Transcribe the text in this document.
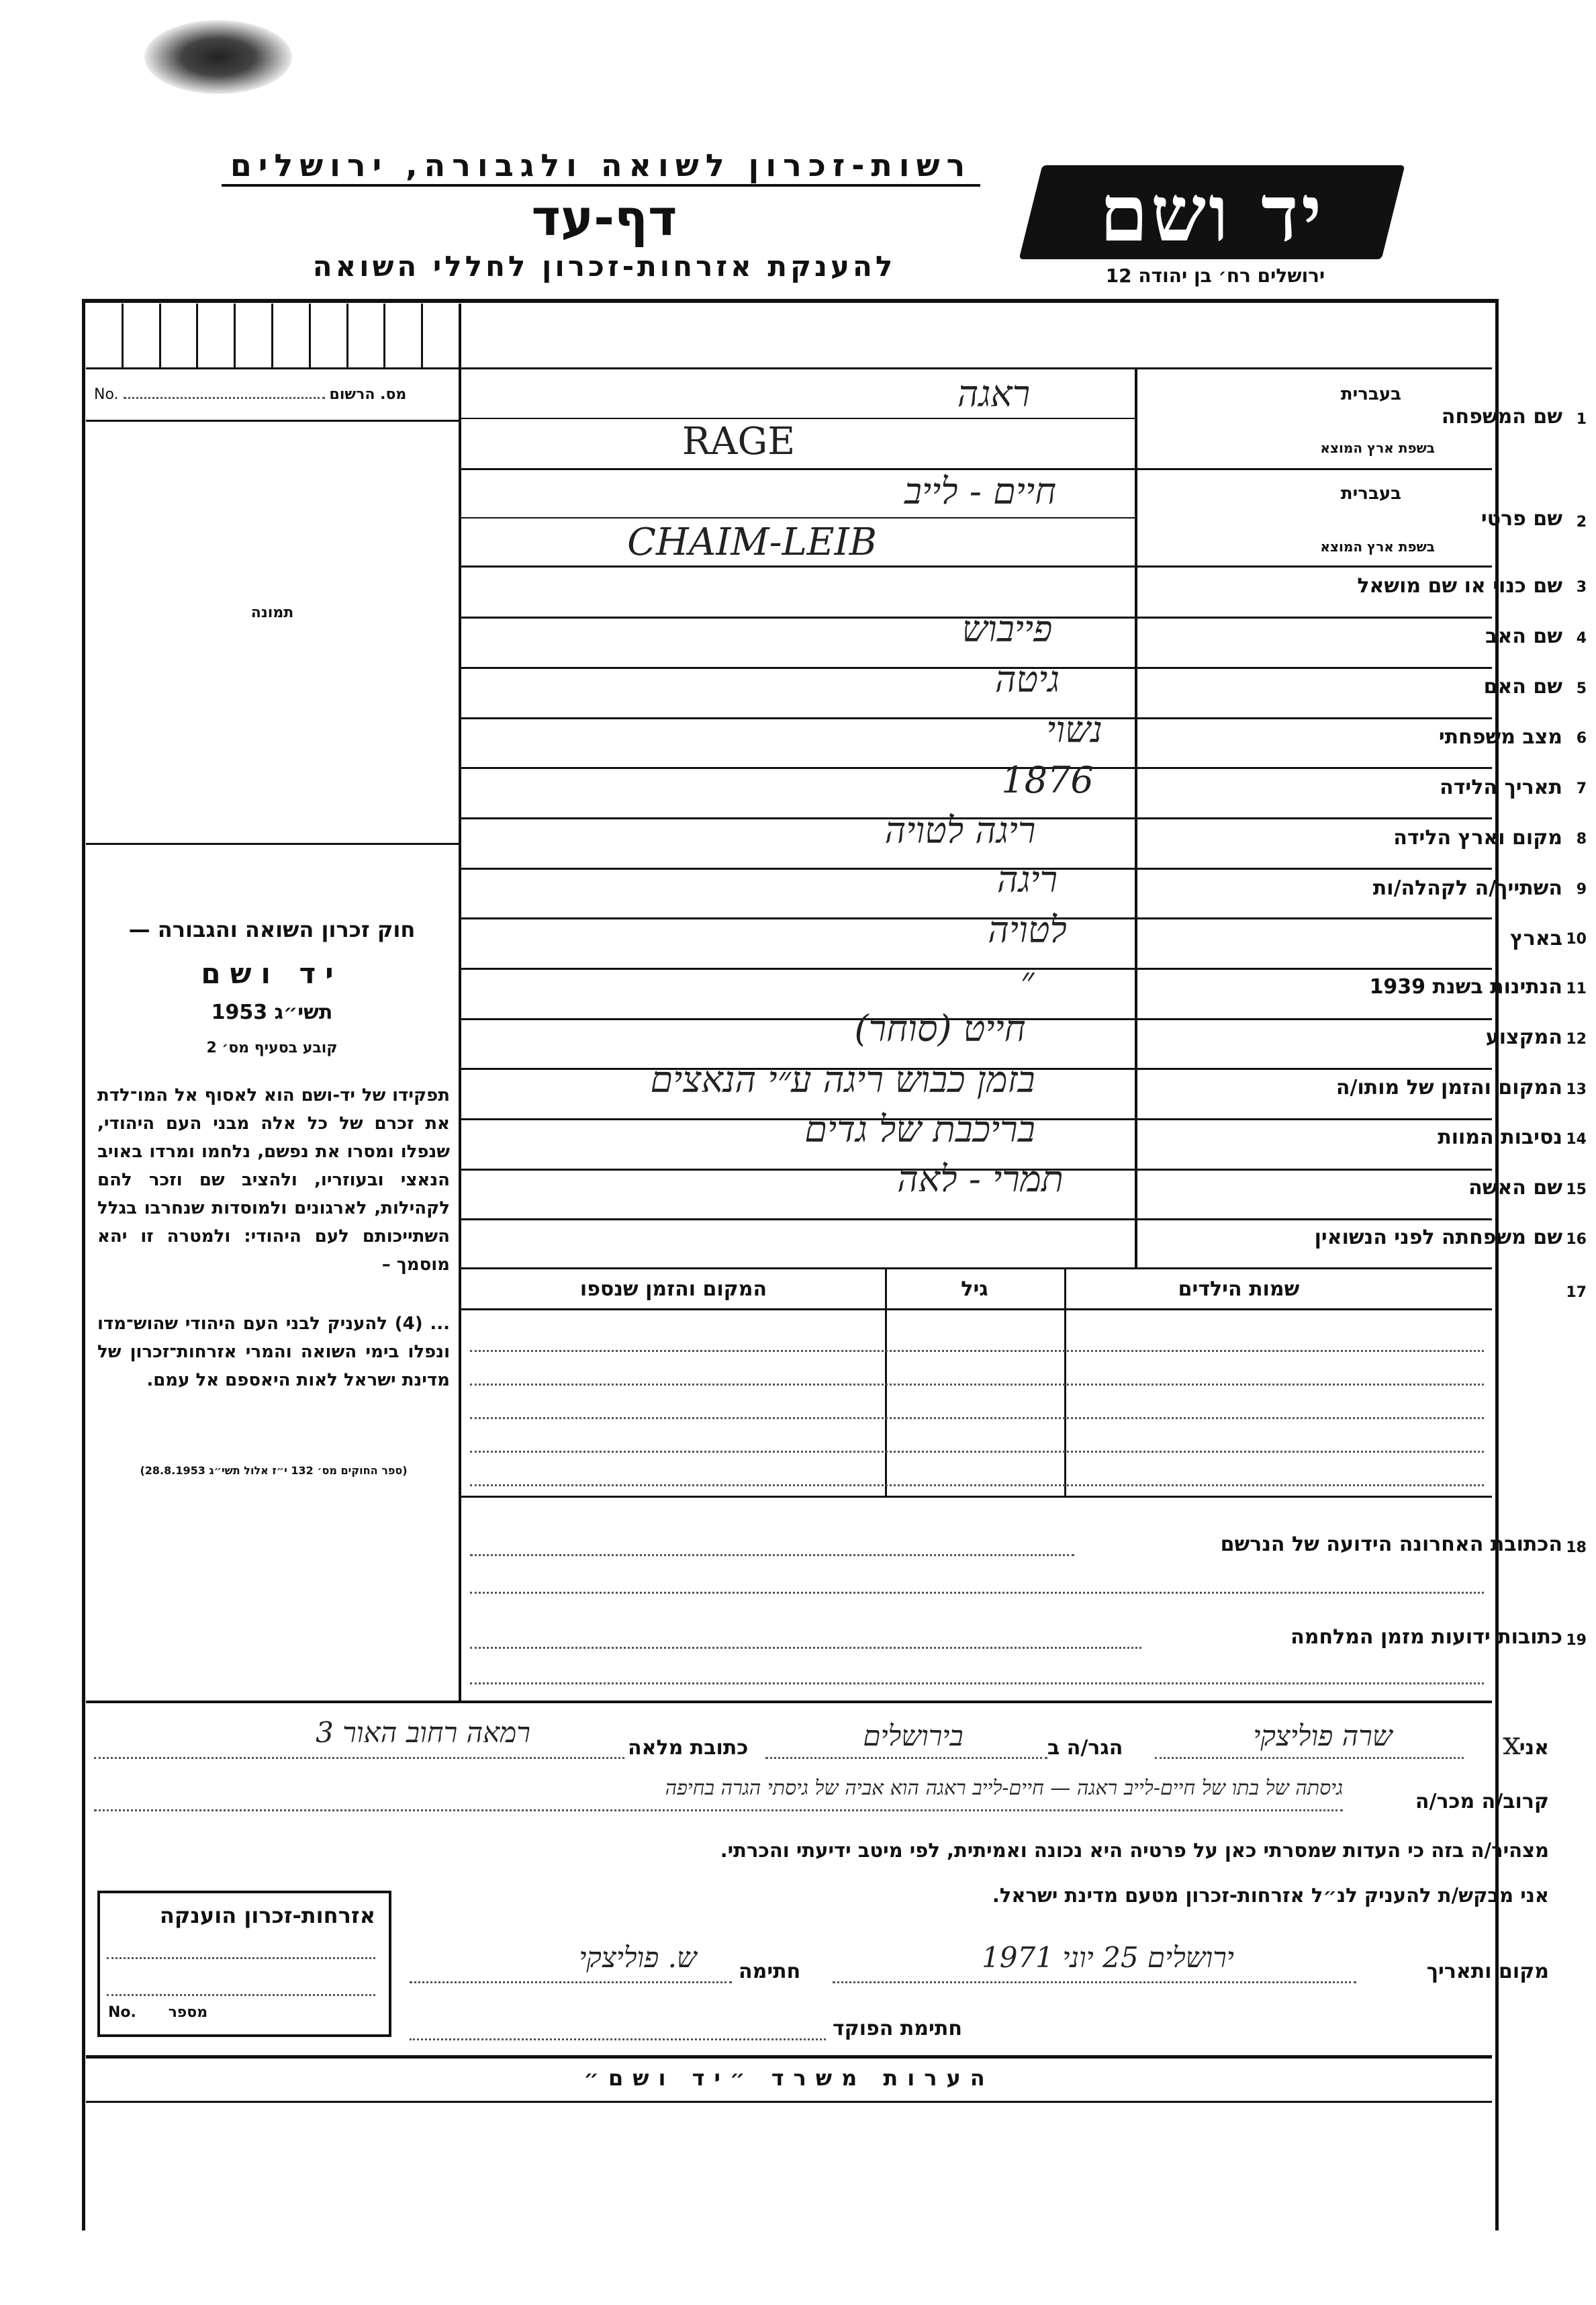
רשות-זכרון לשואה ולגבורה, ירושלים
דף-עד
להענקת אזרחות-זכרון לחללי השואה
יד ושם
ירושלים רח׳ בן יהודה 12
No.	מס. הרשום
תמונה
חוק זכרון השואה והגבורה —
יד ושם
תשי״ג 1953
קובע בסעיף מס׳ 2
תפקידו של יד-ושם הוא לאסוף אל המו־לדת את זכרם של כל אלה מבני העם היהודי, שנפלו ומסרו את נפשם, נלחמו ומרדו באויב הנאצי ובעוזריו, ולהציב שם וזכר להם לקהילות, לארגונים ולמוסדות שנחרבו בגלל השתייכותם לעם היהודי: ולמטרה זו יהא מוסמך –
... (4) להעניק לבני העם היהודי שהוש־מדו ונפלו בימי השואה והמרי אזרחות־זכרון של מדינת ישראל לאות היאספם אל עמם.
(ספר החוקים מס׳ 132 י״ז אלול תשי״ג 28.8.1953)
1
שם המשפחה
בעברית
בשפת ארץ המוצא
ראגה
RAGE
2
שם פרטי
בעברית
בשפת ארץ המוצא
חיים - לייב
CHAIM-LEIB
3
שם כנוי או שם מושאל
4
שם האב
פייבוש
5
שם האם
גיטה
6
מצב משפחתי
נשוי
7
תאריך הלידה
1876
8
מקום וארץ הלידה
ריגה לטויה
9
השתייך/ה לקהלה/ות
ריגה
10
בארץ
לטויה
11
הנתינות בשנת 1939
״
12
המקצוע
חייט (סוחר)
13
המקום והזמן של מותו/ה
בזמן כבוש ריגה ע״י הנאצים
14
נסיבות המוות
בריכבת של גדים
15
שם האשה
תמרי - לאה
16
שם משפחתה לפני הנשואין
17
שמות הילדים
גיל
המקום והזמן שנספו
18
הכתובת האחרונה הידועה של הנרשם
19
כתובות ידועות מזמן המלחמה
x
אני
שרה פוליצקי
הגר/ה ב
בירושלים
כתובת מלאה
רמאה רחוב האור 3
קרוב/ה מכר/ה
גיסתה של בתו של חיים-לייב ראגה — חיים-לייב ראגה הוא אביה של גיסתי הגרה בחיפה
מצהיר/ה בזה כי העדות שמסרתי כאן על פרטיה היא נכונה ואמיתית, לפי מיטב ידיעתי והכרתי.
אני מבקש/ת להעניק לנ״ל אזרחות-זכרון מטעם מדינת ישראל.
מקום ותאריך
ירושלים 25 יוני 1971
חתימה
ש. פוליצקי
חתימת הפוקד
אזרחות-זכרון הוענקה
No. מספר
הערות משרד ״יד ושם״
